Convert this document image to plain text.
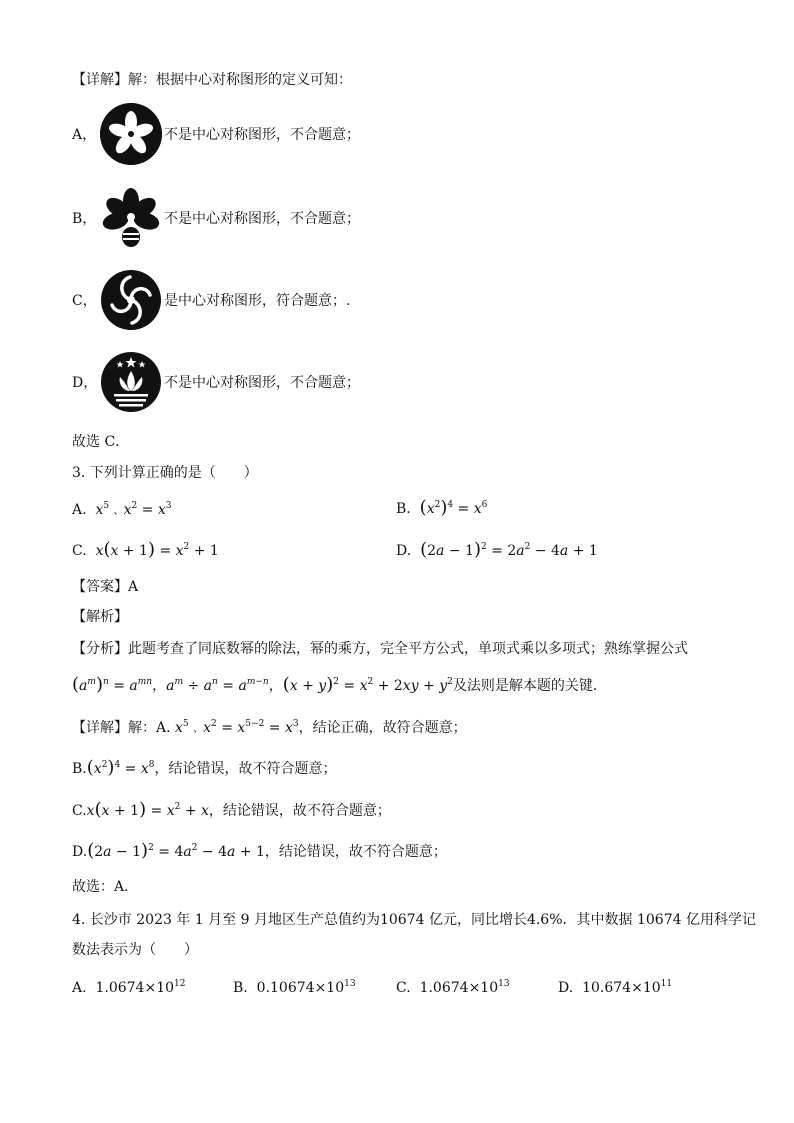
【详解】解：根据中心对称图形的定义可知：
A，	不是中心对称图形，不合题意；
B，	不是中心对称图形，不合题意；
C，	是中心对称图形，符合题意；.
D，	不是中心对称图形，不合题意；
故选 C．
3. 下列计算正确的是（　　）
A. $x^5$ 、$x^2 = x^3$	B. $(x^2)^4 = x^6$
C. $x(x + 1) = x^2 + 1$	D. $(2a - 1)^2 = 2a^2 - 4a + 1$
【答案】A
【解析】
【分析】此题考查了同底数幂的除法，幂的乘方，完全平方公式，单项式乘以多项式；熟练掌握公式
$(a^m)^n = a^{mn}$，$a^m \div a^n = a^{m-n}$，$(x + y)^2 = x^2 + 2xy + y^2$及法则是解本题的关键．
【详解】解：A. $x^5$ 、$x^2 = x^{5-2} = x^3$，结论正确，故符合题意；
$B.(x^2)^4 = x^8$，结论错误，故不符合题意；
$C.x(x + 1) = x^2 + x$，结论错误，故不符合题意；
$D.(2a - 1)^2 = 4a^2 - 4a + 1$，结论错误，故不符合题意；
故选：A．
4. 长沙市 2023 年 1 月至 9 月地区生产总值约为10674 亿元，同比增长4.6%．其中数据 10674 亿用科学记
数法表示为（　　）
A. $1.0674\times 10^{12}$	B. $0.10674\times 10^{13}$	C. $1.0674\times 10^{13}$	D. $10.674\times 10^{11}$
